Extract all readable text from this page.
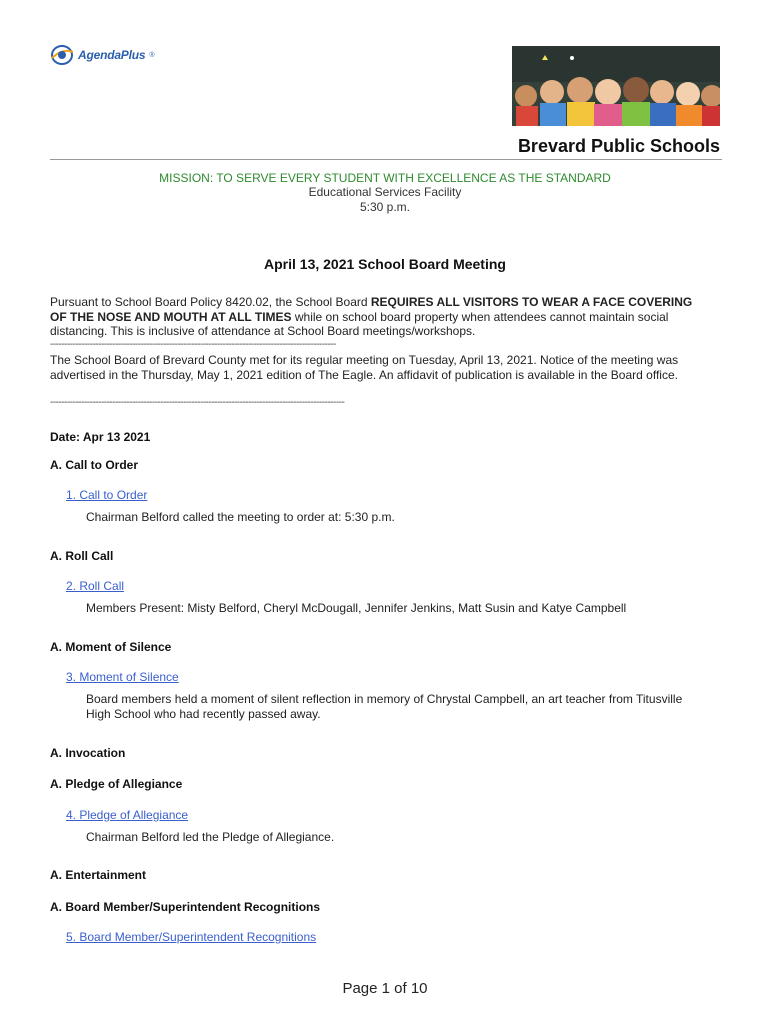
AgendaPlus ®
Brevard Public Schools
MISSION: TO SERVE EVERY STUDENT WITH EXCELLENCE AS THE STANDARD
Educational Services Facility
5:30 p.m.
April 13, 2021 School Board Meeting
Pursuant to School Board Policy 8420.02, the School Board REQUIRES ALL VISITORS TO WEAR A FACE COVERING OF THE NOSE AND MOUTH AT ALL TIMES while on school board property when attendees cannot maintain social distancing. This is inclusive of attendance at School Board meetings/workshops.
-----------------------------------------------------------------------------------------------------
The School Board of Brevard County met for its regular meeting on Tuesday, April 13, 2021. Notice of the meeting was advertised in the Thursday, May 1, 2021 edition of The Eagle. An affidavit of publication is available in the Board office.
--------------------------------------------------------------------------------------------------------
Date: Apr 13 2021
A. Call to Order
1. Call to Order
Chairman Belford called the meeting to order at: 5:30 p.m.
A. Roll Call
2. Roll Call
Members Present: Misty Belford, Cheryl McDougall, Jennifer Jenkins, Matt Susin and Katye Campbell
A. Moment of Silence
3. Moment of Silence
Board members held a moment of silent reflection in memory of Chrystal Campbell, an art teacher from Titusville High School who had recently passed away.
A. Invocation
A. Pledge of Allegiance
4. Pledge of Allegiance
Chairman Belford led the Pledge of Allegiance.
A. Entertainment
A. Board Member/Superintendent Recognitions
5. Board Member/Superintendent Recognitions
Page 1 of 10
